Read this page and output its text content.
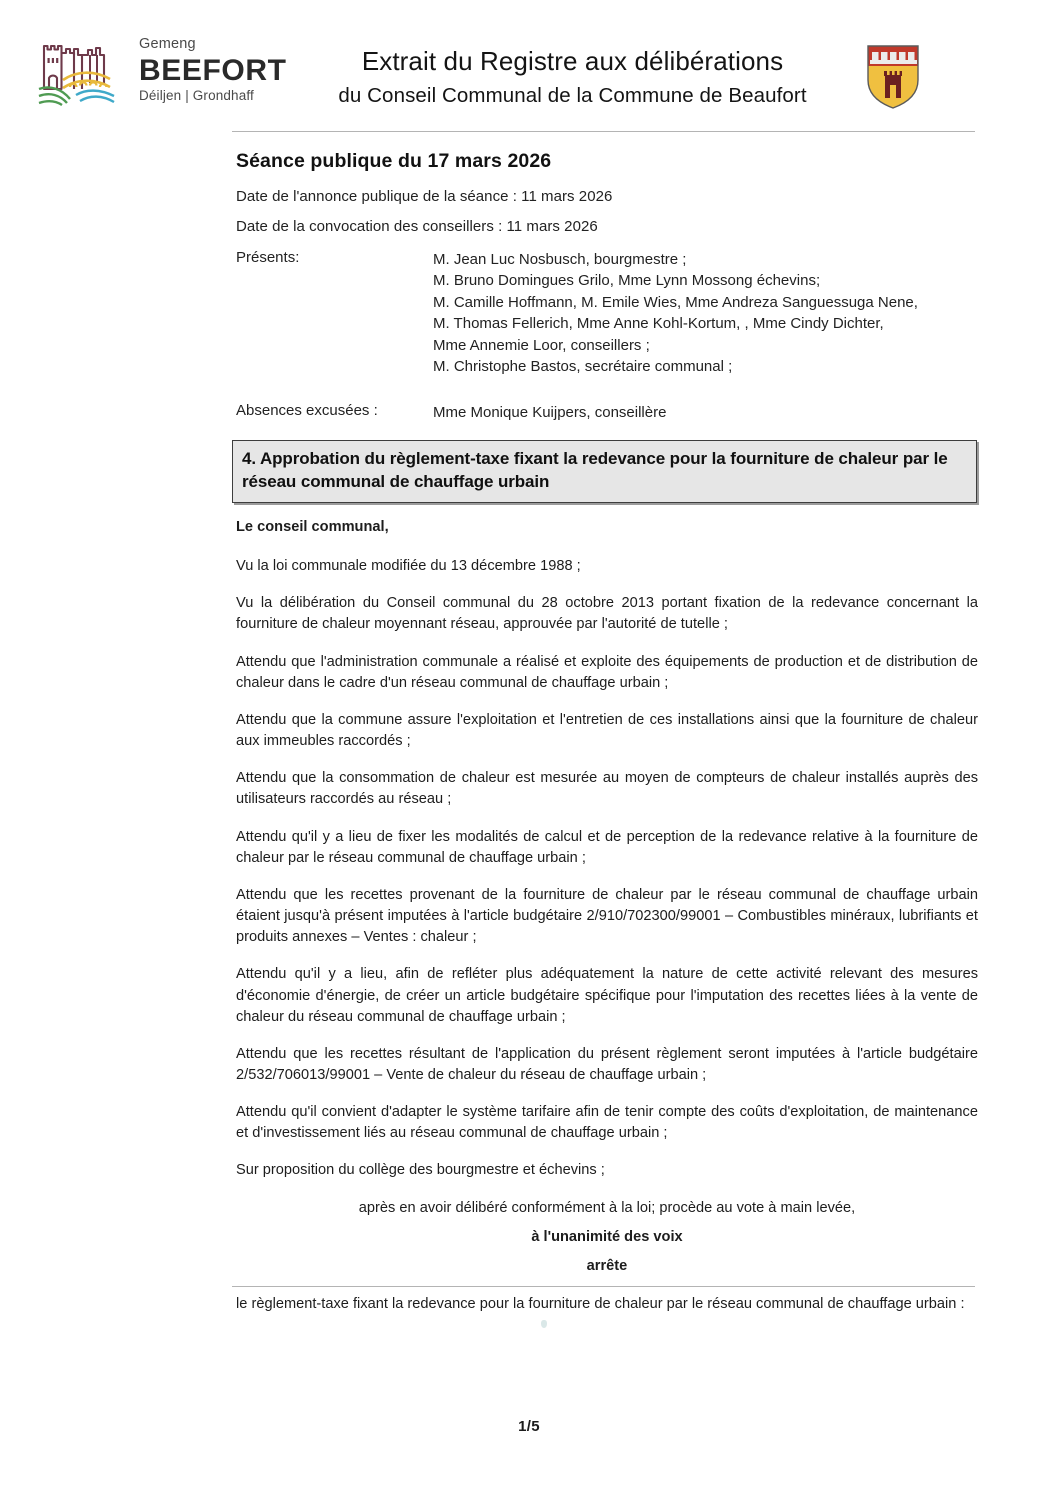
Gemeng
BEEFORT
Déiljen | Grondhaff
Extrait du Registre aux délibérations
du Conseil Communal de la Commune de Beaufort
Séance publique du 17 mars 2026
Date de l'annonce publique de la séance : 11 mars 2026
Date de la convocation des conseillers : 11 mars 2026
Présents:	M. Jean Luc Nosbusch, bourgmestre ;
M. Bruno Domingues Grilo, Mme Lynn Mossong échevins;
M. Camille Hoffmann, M. Emile Wies, Mme Andreza Sanguessuga Nene,
M. Thomas Fellerich, Mme Anne Kohl-Kortum, , Mme Cindy Dichter,
Mme Annemie Loor, conseillers ;
M. Christophe Bastos, secrétaire communal ;
Absences excusées :	Mme Monique Kuijpers, conseillère
4. Approbation du règlement-taxe fixant la redevance pour la fourniture de chaleur par le réseau communal de chauffage urbain

Le conseil communal,

Vu la loi communale modifiée du 13 décembre 1988 ;

Vu la délibération du Conseil communal du 28 octobre 2013 portant fixation de la redevance concernant la fourniture de chaleur moyennant réseau, approuvée par l'autorité de tutelle ;

Attendu que l'administration communale a réalisé et exploite des équipements de production et de distribution de chaleur dans le cadre d'un réseau communal de chauffage urbain ;

Attendu que la commune assure l'exploitation et l'entretien de ces installations ainsi que la fourniture de chaleur aux immeubles raccordés ;

Attendu que la consommation de chaleur est mesurée au moyen de compteurs de chaleur installés auprès des utilisateurs raccordés au réseau ;

Attendu qu'il y a lieu de fixer les modalités de calcul et de perception de la redevance relative à la fourniture de chaleur par le réseau communal de chauffage urbain ;

Attendu que les recettes provenant de la fourniture de chaleur par le réseau communal de chauffage urbain étaient jusqu'à présent imputées à l'article budgétaire 2/910/702300/99001 – Combustibles minéraux, lubrifiants et produits annexes – Ventes : chaleur ;

Attendu qu'il y a lieu, afin de refléter plus adéquatement la nature de cette activité relevant des mesures d'économie d'énergie, de créer un article budgétaire spécifique pour l'imputation des recettes liées à la vente de chaleur du réseau communal de chauffage urbain ;

Attendu que les recettes résultant de l'application du présent règlement seront imputées à l'article budgétaire 2/532/706013/99001 – Vente de chaleur du réseau de chauffage urbain ;

Attendu qu'il convient d'adapter le système tarifaire afin de tenir compte des coûts d'exploitation, de maintenance et d'investissement liés au réseau communal de chauffage urbain ;

Sur proposition du collège des bourgmestre et échevins ;

après en avoir délibéré conformément à la loi; procède au vote à main levée,

à l'unanimité des voix

arrête

le règlement-taxe fixant la redevance pour la fourniture de chaleur par le réseau communal de chauffage urbain :

1/5
